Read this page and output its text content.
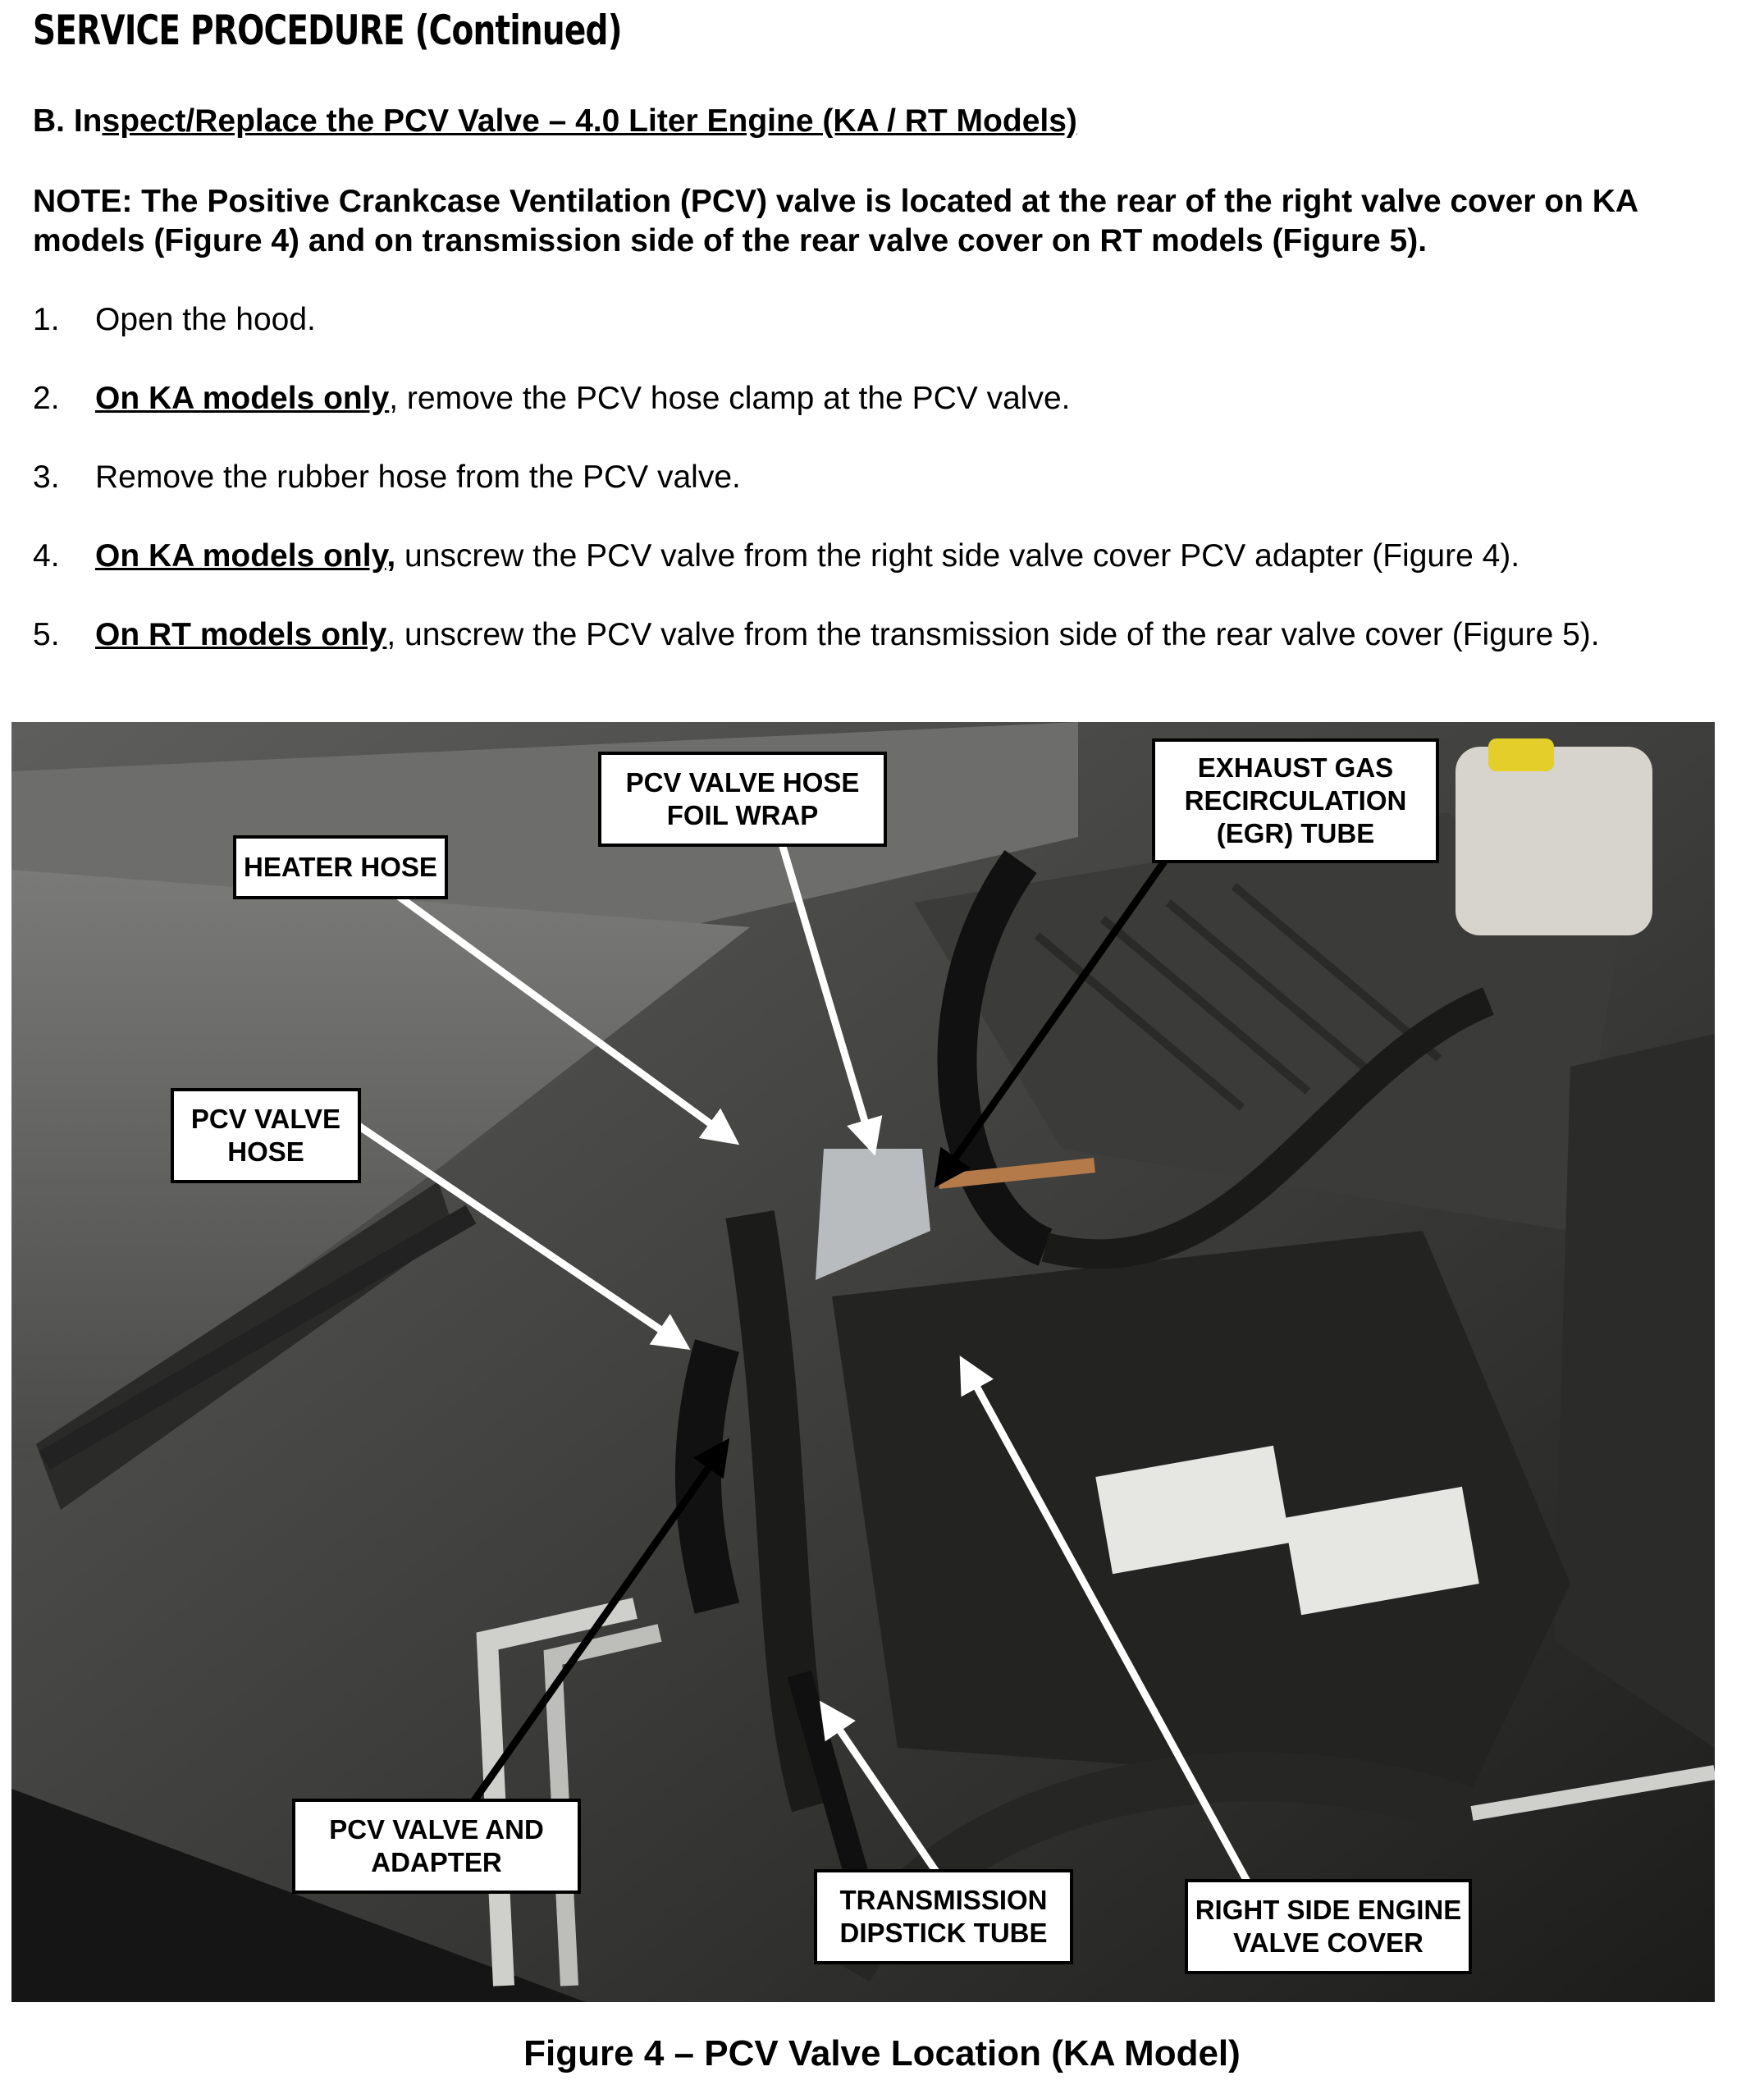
SERVICE PROCEDURE (Continued)
B. Inspect/Replace the PCV Valve – 4.0 Liter Engine (KA / RT Models)
NOTE: The Positive Crankcase Ventilation (PCV) valve is located at the rear of the right valve cover on KA models (Figure 4) and on transmission side of the rear valve cover on RT models (Figure 5).
1. Open the hood.
2. On KA models only, remove the PCV hose clamp at the PCV valve.
3. Remove the rubber hose from the PCV valve.
4. On KA models only, unscrew the PCV valve from the right side valve cover PCV adapter (Figure 4).
5. On RT models only, unscrew the PCV valve from the transmission side of the rear valve cover (Figure 5).
HEATER HOSE
PCV VALVE HOSE
FOIL WRAP
EXHAUST GAS
RECIRCULATION
(EGR) TUBE
PCV VALVE
HOSE
PCV VALVE AND
ADAPTER
TRANSMISSION
DIPSTICK TUBE
RIGHT SIDE ENGINE
VALVE COVER
Figure 4 – PCV Valve Location (KA Model)
